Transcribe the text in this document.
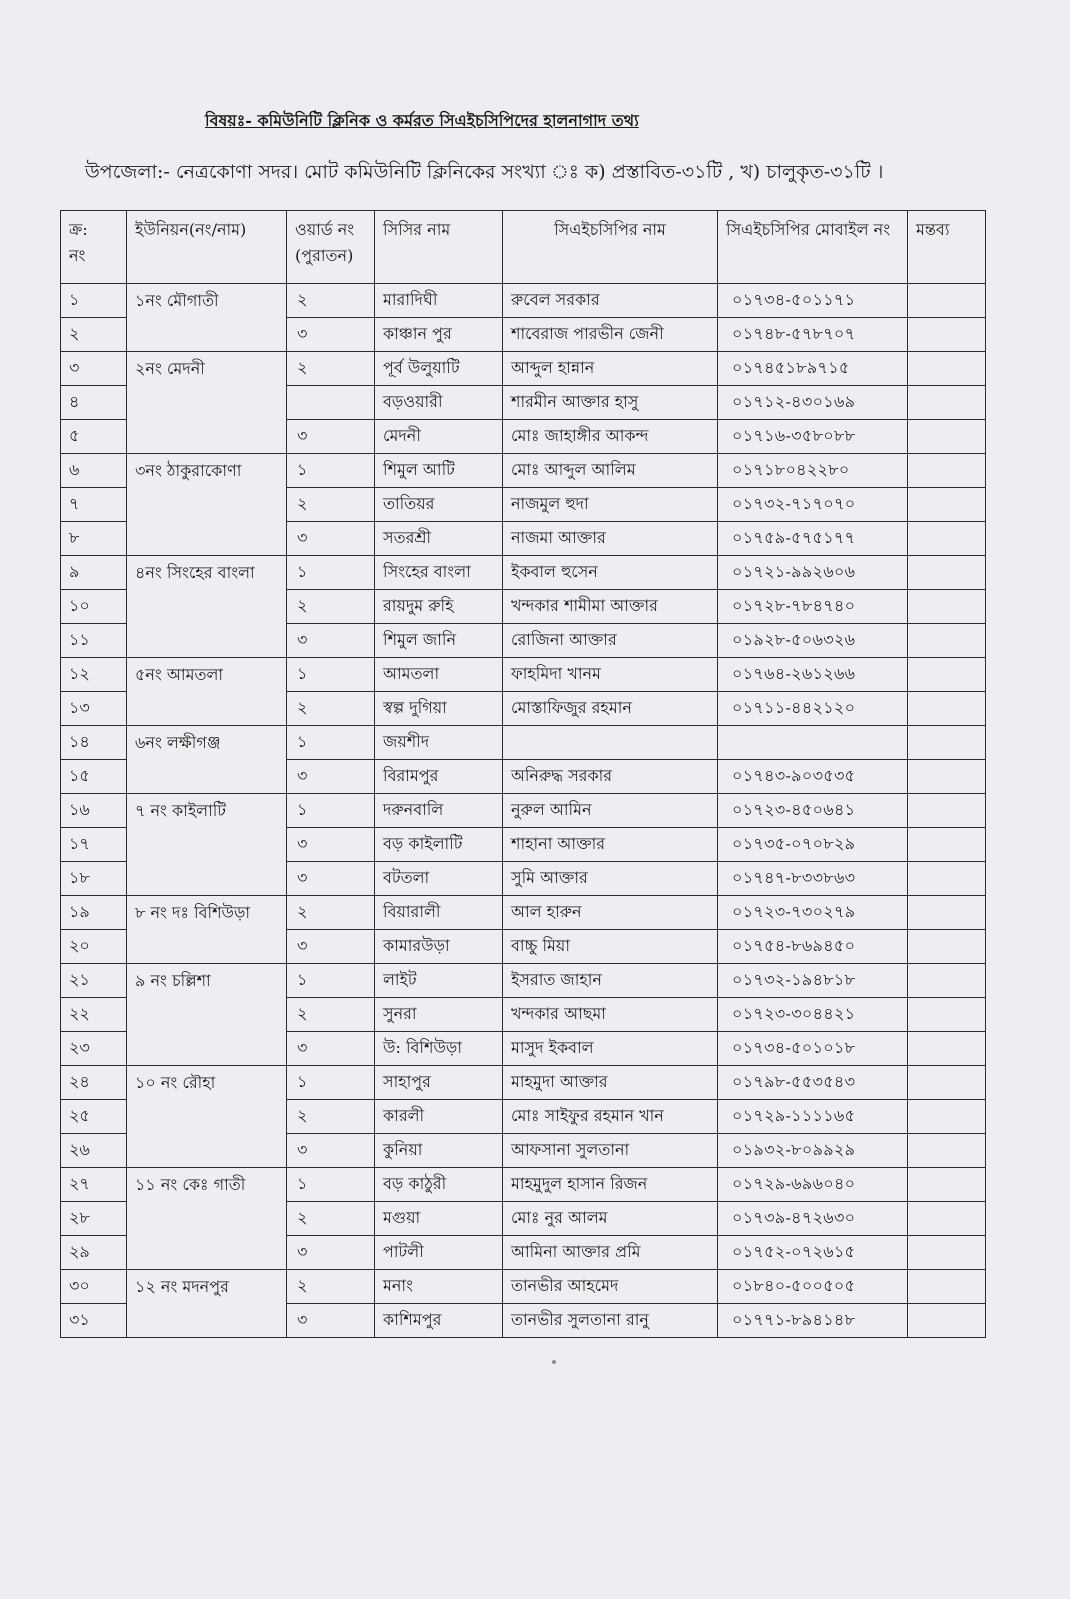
বিষয়ঃ- কমিউনিটি ক্লিনিক ও কর্মরত সিএইচসিপিদের হালনাগাদ তথ্য
উপজেলা:- নেত্রকোণা সদর। মোট কমিউনিটি ক্লিনিকের সংখ্যা ঃ ক) প্রস্তাবিত-৩১টি , খ) চালুকৃত-৩১টি ।
ক্র:
নং	ইউনিয়ন(নং/নাম)	ওয়ার্ড নং
(পুরাতন)	সিসির নাম	সিএইচসিপির নাম	সিএইচসিপির মোবাইল নং	মন্তব্য
১	১নং মৌগাতী	২	মারাদিঘী	রুবেল সরকার	০১৭৩৪-৫০১১৭১	
২		৩	কাঞ্চান পুর	শাবেরাজ পারভীন জেনী	০১৭৪৮-৫৭৮৭০৭	
৩	২নং মেদনী	২	পূর্ব উলুয়াটি	আব্দুল হান্নান	০১৭৪৫১৮৯৭১৫	
৪			বড়ওয়ারী	শারমীন আক্তার হাসু	০১৭১২-৪৩০১৬৯	
৫		৩	মেদনী	মোঃ জাহাঙ্গীর আকন্দ	০১৭১৬-৩৫৮০৮৮	
৬	৩নং ঠাকুরাকোণা	১	শিমুল আটি	মোঃ আব্দুল আলিম	০১৭১৮০৪২২৮০	
৭		২	তাতিয়র	নাজমুল হুদা	০১৭৩২-৭১৭০৭০	
৮		৩	সতরশ্রী	নাজমা আক্তার	০১৭৫৯-৫৭৫১৭৭	
৯	৪নং সিংহের বাংলা	১	সিংহের বাংলা	ইকবাল হুসেন	০১৭২১-৯৯২৬০৬	
১০		২	রায়দুম রুহি	খন্দকার শামীমা আক্তার	০১৭২৮-৭৮৪৭৪০	
১১		৩	শিমুল জানি	রোজিনা আক্তার	০১৯২৮-৫০৬৩২৬	
১২	৫নং আমতলা	১	আমতলা	ফাহমিদা খানম	০১৭৬৪-২৬১২৬৬	
১৩		২	স্বল্প দুগিয়া	মোস্তাফিজুর রহমান	০১৭১১-৪৪২১২০	
১৪	৬নং লক্ষীগঞ্জ	১	জয়শীদ			
১৫		৩	বিরামপুর	অনিরুদ্ধ সরকার	০১৭৪৩-৯০৩৫৩৫	
১৬	৭ নং কাইলাটি	১	দরুনবালি	নুরুল আমিন	০১৭২৩-৪৫০৬৪১	
১৭		৩	বড় কাইলাটি	শাহানা আক্তার	০১৭৩৫-০৭০৮২৯	
১৮		৩	বটতলা	সুমি আক্তার	০১৭৪৭-৮৩৩৮৬৩	
১৯	৮ নং দঃ বিশিউড়া	২	বিয়ারালী	আল হারুন	০১৭২৩-৭৩০২৭৯	
২০		৩	কামারউড়া	বাচ্চু মিয়া	০১৭৫৪-৮৬৯৪৫০	
২১	৯ নং চল্লিশা	১	লাইট	ইসরাত জাহান	০১৭৩২-১৯৪৮১৮	
২২		২	সুনরা	খন্দকার আছমা	০১৭২৩-৩০৪৪২১	
২৩		৩	উ: বিশিউড়া	মাসুদ ইকবাল	০১৭৩৪-৫০১০১৮	
২৪	১০ নং রৌহা	১	সাহাপুর	মাহমুদা আক্তার	০১৭৯৮-৫৫৩৫৪৩	
২৫		২	কারলী	মোঃ সাইফুর রহমান খান	০১৭২৯-১১১১৬৫	
২৬		৩	কুনিয়া	আফসানা সুলতানা	০১৯৩২-৮০৯৯২৯	
২৭	১১ নং কেঃ গাতী	১	বড় কাঠুরী	মাহমুদুল হাসান রিজন	০১৭২৯-৬৯৬০৪০	
২৮		২	মগুয়া	মোঃ নুর আলম	০১৭৩৯-৪৭২৬৩০	
২৯		৩	পাটলী	আমিনা আক্তার প্রমি	০১৭৫২-০৭২৬১৫	
৩০	১২ নং মদনপুর	২	মনাং	তানভীর আহমেদ	০১৮৪০-৫০০৫০৫	
৩১		৩	কাশিমপুর	তানভীর সুলতানা রানু	০১৭৭১-৮৯৪১৪৮	
